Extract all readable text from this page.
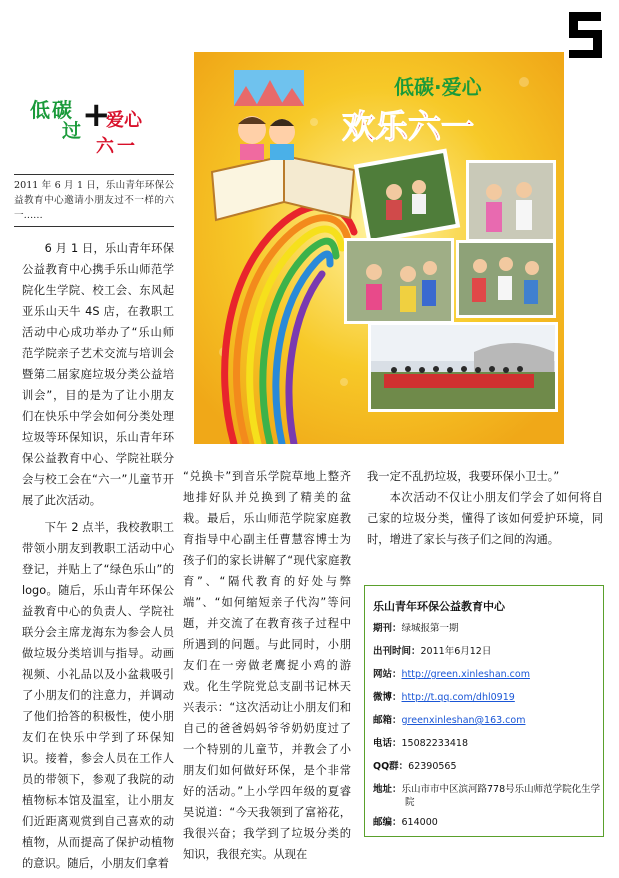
5
低碳
过 +
爱心
六一
2011 年 6 月 1 日，乐山青年环保公益教育中心邀请小朋友过不一样的六一……

6 月 1 日，乐山青年环保公益教育中心携手乐山师范学院化生学院、校工会、东风起亚乐山天牛 4S 店，在教职工活动中心成功举办了“乐山师范学院亲子艺术交流与培训会暨第二届家庭垃圾分类公益培训会”，目的是为了让小朋友们在快乐中学会如何分类处理垃圾等环保知识，乐山青年环保公益教育中心、学院社联分会与校工会在“六一”儿童节开展了此次活动。

下午 2 点半，我校教职工带领小朋友到教职工活动中心登记，并贴上了“绿色乐山”的 logo。随后，乐山青年环保公益教育中心的负责人、学院社联分会主席龙海东为参会人员做垃圾分类培训与指导。动画视频、小礼品以及小盆栽吸引了小朋友们的注意力，并调动了他们拾答的积极性，使小朋友们在快乐中学到了环保知识。接着，参会人员在工作人员的带领下，参观了我院的动植物标本馆及温室，让小朋友们近距离观赏到自己喜欢的动植物，从而提高了保护动植物的意识。随后，小朋友们拿着

低碳·爱心
欢乐六一

“兑换卡”到音乐学院草地上整齐地排好队并兑换到了精美的盆栽。最后，乐山师范学院家庭教育指导中心副主任曹慧容博士为孩子们的家长讲解了“现代家庭教育”、“隔代教育的好处与弊端”、“如何缩短亲子代沟”等问题，并交流了在教育孩子过程中所遇到的问题。与此同时，小朋友们在一旁做老鹰捉小鸡的游戏。化生学院党总支副书记林天兴表示：“这次活动让小朋友们和自己的爸爸妈妈爷爷奶奶度过了一个特别的儿童节，并教会了小朋友们如何做好环保，是个非常好的活动。”上小学四年级的夏睿昊说道：“今天我领到了富裕花，我很兴奋；我学到了垃圾分类的知识，我很充实。从现在

我一定不乱扔垃圾，我要环保小卫士。”

本次活动不仅让小朋友们学会了如何将自己家的垃圾分类，懂得了该如何爱护环境，同时，增进了家长与孩子们之间的沟通。

乐山青年环保公益教育中心
期刊：绿城报第一期
出刊时间：2011年6月12日
网站：http://green.xinleshan.com
微博：http://t.qq.com/dhl0919
邮箱：greenxinleshan@163.com
电话：15082233418
QQ群：62390565
地址：乐山市市中区滨河路778号乐山师范学院化生学院
邮编：614000
